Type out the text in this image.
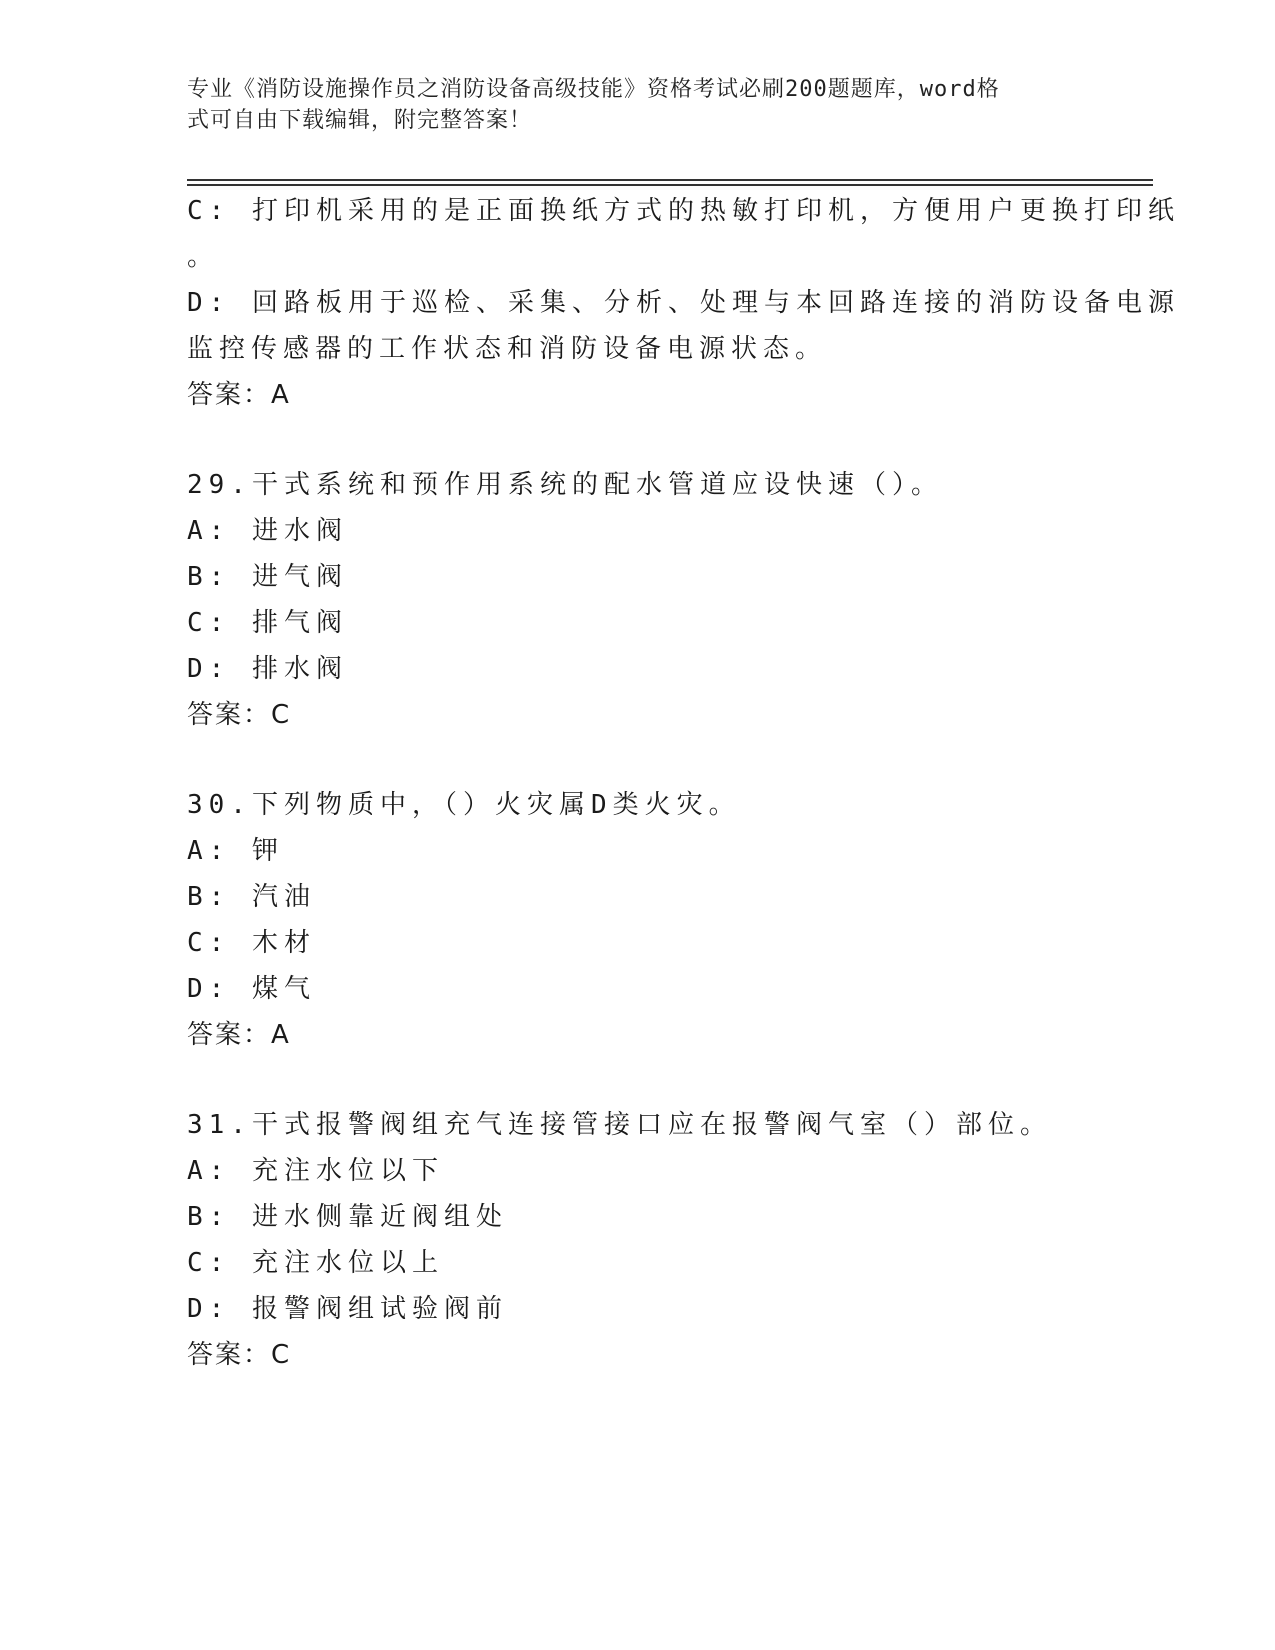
专业《消防设施操作员之消防设备高级技能》资格考试必刷200题题库，word格
式可自由下载编辑，附完整答案！
C: 打印机采用的是正面换纸方式的热敏打印机，方便用户更换打印纸
。
D: 回路板用于巡检、采集、分析、处理与本回路连接的消防设备电源
监控传感器的工作状态和消防设备电源状态。
答案：A
29.干式系统和预作用系统的配水管道应设快速（）。
A: 进水阀
B: 进气阀
C: 排气阀
D: 排水阀
答案：C
30.下列物质中，（）火灾属D类火灾。
A: 钾
B: 汽油
C: 木材
D: 煤气
答案：A
31.干式报警阀组充气连接管接口应在报警阀气室（）部位。
A: 充注水位以下
B: 进水侧靠近阀组处
C: 充注水位以上
D: 报警阀组试验阀前
答案：C
